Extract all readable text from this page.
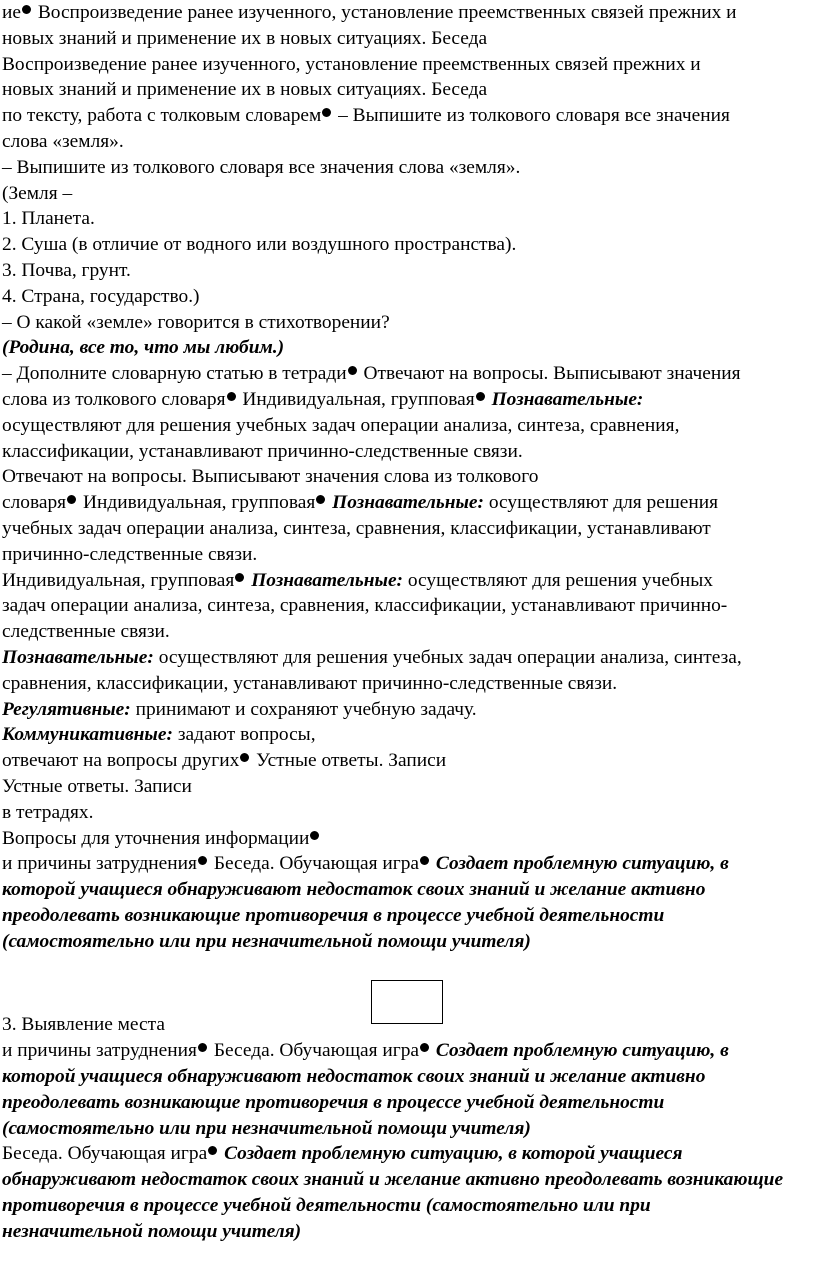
ие Воспроизведение ранее изученного, установление преемственных связей прежних и
новых знаний и применение их в новых ситуациях. Беседа
Воспроизведение ранее изученного, установление преемственных связей прежних и
новых знаний и применение их в новых ситуациях. Беседа
по тексту, работа с толковым словарем – Выпишите из толкового словаря все значения
слова «земля».
– Выпишите из толкового словаря все значения слова «земля».
(Земля –
1. Планета.
2. Суша (в отличие от водного или воздушного пространства).
3. Почва, грунт.
4. Страна, государство.)
– О какой «земле» говорится в стихотворении?
(Родина, все то, что мы любим.)
– Дополните словарную статью в тетради Отвечают на вопросы. Выписывают значения
слова из толкового словаря Индивидуальная, групповая Познавательные:
осуществляют для решения учебных задач операции анализа, синтеза, сравнения,
классификации, устанавливают причинно-следственные связи.
Отвечают на вопросы. Выписывают значения слова из толкового
словаря Индивидуальная, групповая Познавательные: осуществляют для решения
учебных задач операции анализа, синтеза, сравнения, классификации, устанавливают
причинно-следственные связи.
Индивидуальная, групповая Познавательные: осуществляют для решения учебных
задач операции анализа, синтеза, сравнения, классификации, устанавливают причинно-
следственные связи.
Познавательные: осуществляют для решения учебных задач операции анализа, синтеза,
сравнения, классификации, устанавливают причинно-следственные связи.
Регулятивные: принимают и сохраняют учебную задачу.
Коммуникативные: задают вопросы,
отвечают на вопросы других Устные ответы. Записи
Устные ответы. Записи
в тетрадях.
Вопросы для уточнения информации
и причины затруднения Беседа. Обучающая игра Создает проблемную ситуацию, в
которой учащиеся обнаруживают недостаток своих знаний и желание активно
преодолевать возникающие противоречия в процессе учебной деятельности
(самостоятельно или при незначительной помощи учителя)
3. Выявление места
и причины затруднения Беседа. Обучающая игра Создает проблемную ситуацию, в
которой учащиеся обнаруживают недостаток своих знаний и желание активно
преодолевать возникающие противоречия в процессе учебной деятельности
(самостоятельно или при незначительной помощи учителя)
Беседа. Обучающая игра Создает проблемную ситуацию, в которой учащиеся
обнаруживают недостаток своих знаний и желание активно преодолевать возникающие
противоречия в процессе учебной деятельности (самостоятельно или при
незначительной помощи учителя)
